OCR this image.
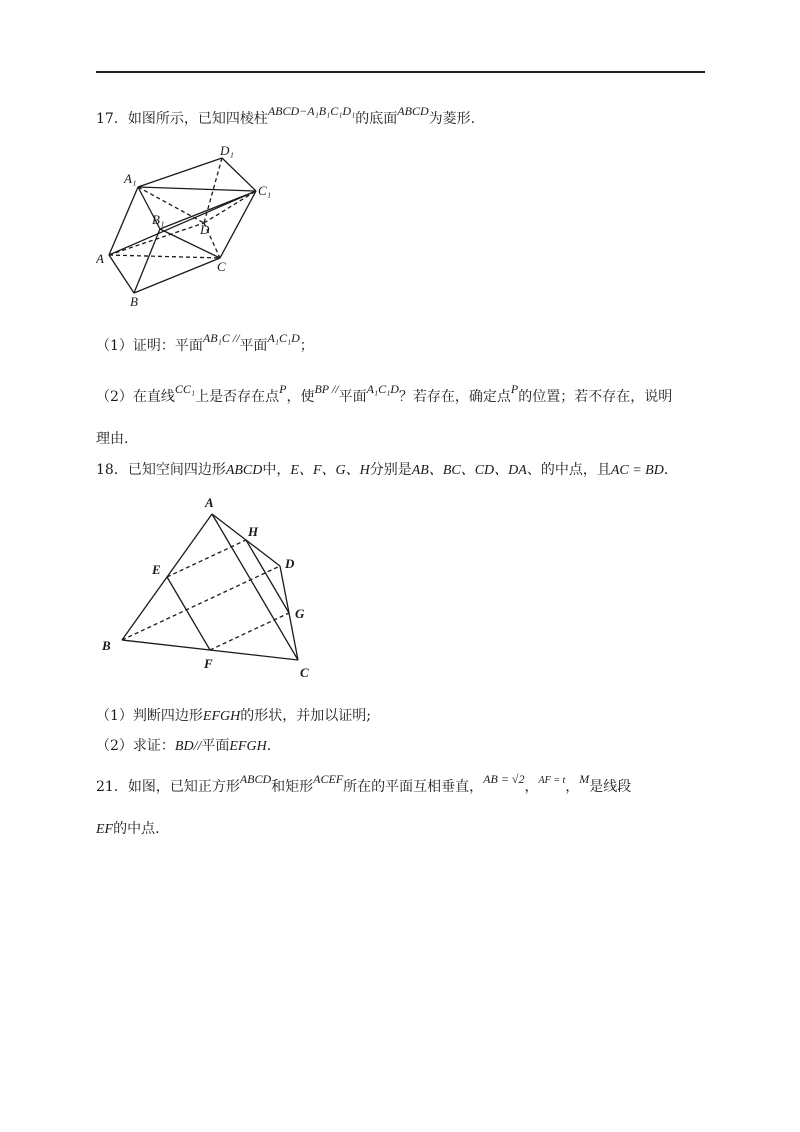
17．如图所示，已知四棱柱ABCD−A₁B₁C₁D₁的底面ABCD为菱形.
A₁
D₁
C₁
B₁
D
A
C
B
（1）证明：平面AB₁C //平面A₁C₁D；
（2）在直线CC₁上是否存在点P，使BP //平面A₁C₁D？若存在，确定点P的位置；若不存在，说明
理由.
18．已知空间四边形ABCD中，E、F、G、H分别是AB、BC、CD、DA、的中点，且AC = BD.
A
H
D
E
G
B
F
C
（1）判断四边形EFGH的形状，并加以证明;
（2）求证：BD//平面EFGH.
21．如图，已知正方形ABCD和矩形ACEF所在的平面互相垂直，AB = √2，$^{AF = t}$，M是线段
EF的中点.
